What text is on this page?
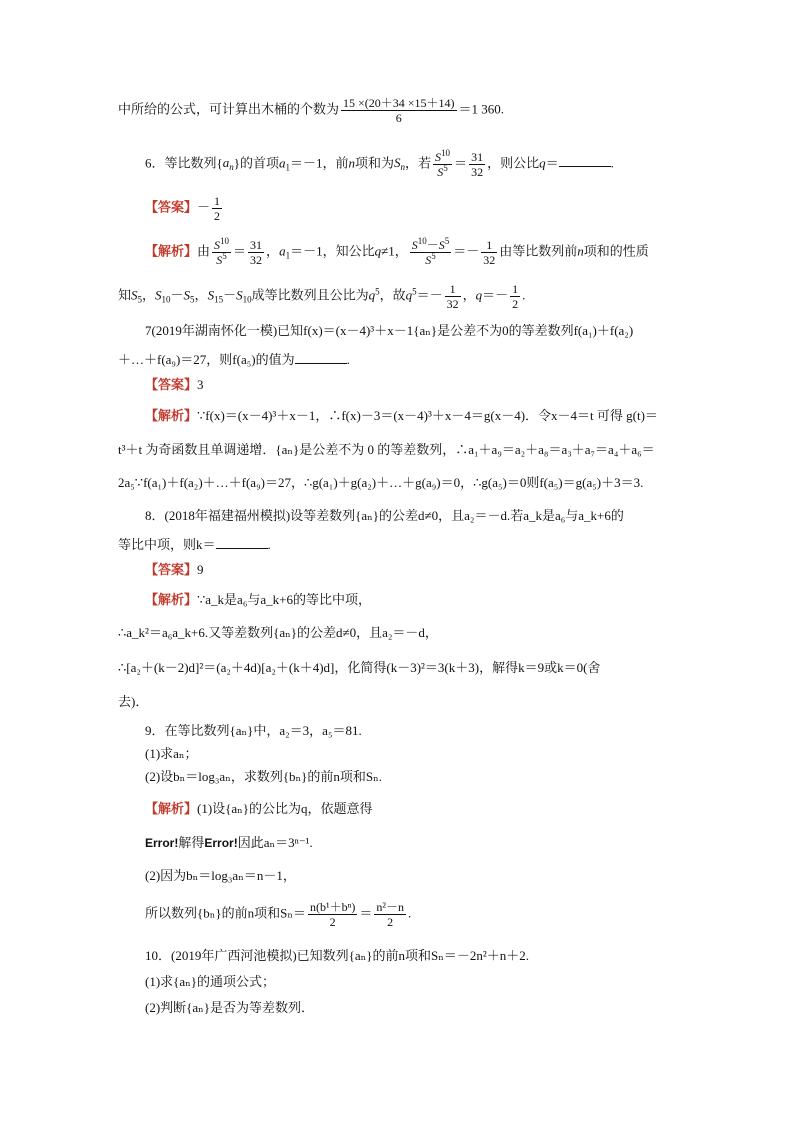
中所给的公式，可计算出木桶的个数为 $\frac{15 \times(20+34 \times 15+14)}{6} =1$ 360.
6．等比数列$\{a_n\}$的首项$a_1=-1$，前n项和为$S_n$，若 $\frac{S^{10}}{S^5} = \frac{31}{32}$ ，则公比q＝	.
【答案】－ $\frac{1}{2}$
【解析】由 $\frac{S^{10}}{S^5} = \frac{31}{32}$ ，$a_1=-1$，知公比q≠1， $\frac{S^{10}-S^5}{S^5} =- \frac{1}{32}$ 由等比数列前n项和的性质
知$S_5$，$S_{10}-S_5$，$S_{15}-S_{10}$成等比数列且公比为$q^5$，故$q^5=- \frac{1}{32}$ ，$q=- \frac{1}{2}$ .
7(2019年湖南怀化一模)已知f(x)＝(x－4)³＋x－1{aₙ}是公差不为0的等差数列f(a₁)＋f(a₂)
＋…＋f(a₉)＝27，则f(a₅)的值为	.
【答案】3
【解析】∵f(x)＝(x－4)³＋x－1，∴f(x)－3＝(x－4)³＋x－4＝g(x－4)．令x－4＝t 可得 g(t)＝
t³＋t 为奇函数且单调递增．{aₙ}是公差不为 0 的等差数列，∴a₁＋a₉＝a₂＋a₈＝a₃＋a₇＝a₄＋a₆＝
2a₅∵f(a₁)＋f(a₂)＋…＋f(a₉)＝27，∴g(a₁)＋g(a₂)＋…＋g(a₉)＝0，∴g(a₅)＝0则f(a₅)＝g(a₅)＋3＝3.
8．(2018年福建福州模拟)设等差数列{aₙ}的公差d≠0，且a₂＝－d.若a_k是a₆与a_k+6的
等比中项，则k＝	.
【答案】9
【解析】∵a_k是a₆与a_k+6的等比中项，
∴a_k²＝a₆a_k+6.又等差数列{aₙ}的公差d≠0，且a₂＝－d，
∴[a₂＋(k－2)d]²＝(a₂＋4d)[a₂＋(k＋4)d]，化简得(k－3)²＝3(k＋3)，解得k＝9或k＝0(舍
去)．
9．在等比数列{aₙ}中，a₂＝3，a₅＝81.
(1)求aₙ；
(2)设bₙ＝log₃aₙ，求数列{bₙ}的前n项和Sₙ.
【解析】(1)设{aₙ}的公比为q，依题意得
Error!解得Error!因此aₙ＝3ⁿ⁻¹.
(2)因为bₙ＝log₃aₙ＝n－1，
所以数列{bₙ}的前n项和$S_n= \frac{\text{n(b¹＋bⁿ)}}{2} = \frac{\text{n²－n}}{2}$ .
10．(2019年广西河池模拟)已知数列{aₙ}的前n项和Sₙ＝－2n²＋n＋2.
(1)求{aₙ}的通项公式；
(2)判断{aₙ}是否为等差数列．
